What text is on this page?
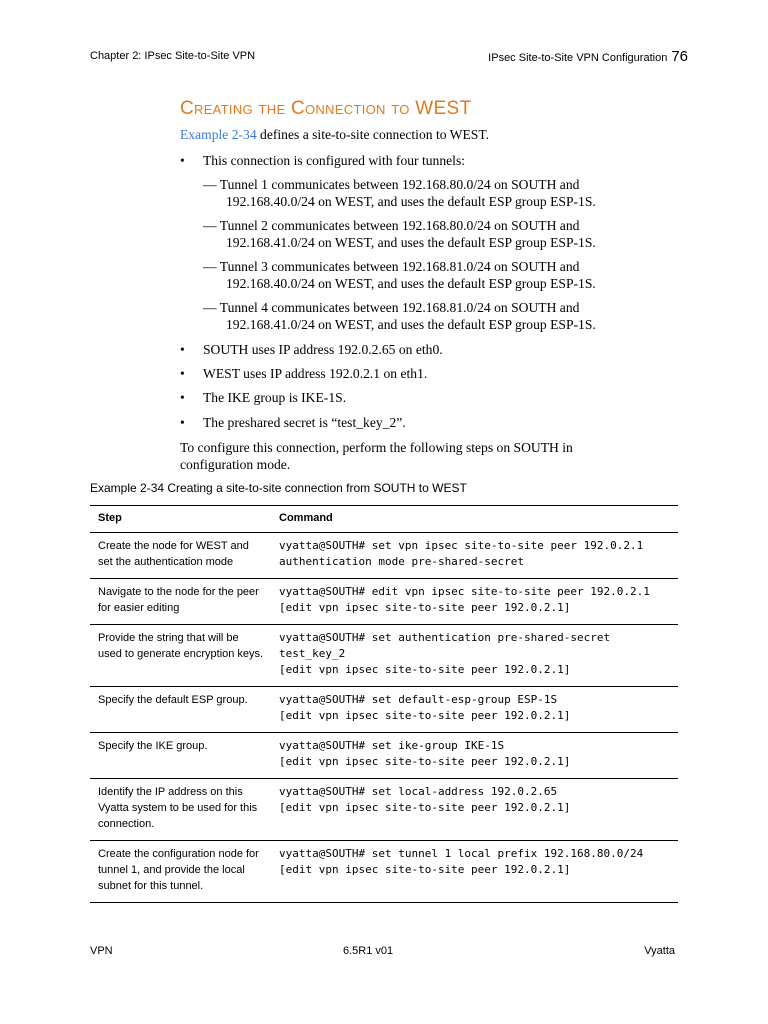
Chapter 2: IPsec Site-to-Site VPN	IPsec Site-to-Site VPN Configuration 76
Creating the Connection to WEST
Example 2-34 defines a site-to-site connection to WEST.
• This connection is configured with four tunnels:
— Tunnel 1 communicates between 192.168.80.0/24 on SOUTH and
192.168.40.0/24 on WEST, and uses the default ESP group ESP-1S.
— Tunnel 2 communicates between 192.168.80.0/24 on SOUTH and
192.168.41.0/24 on WEST, and uses the default ESP group ESP-1S.
— Tunnel 3 communicates between 192.168.81.0/24 on SOUTH and
192.168.40.0/24 on WEST, and uses the default ESP group ESP-1S.
— Tunnel 4 communicates between 192.168.81.0/24 on SOUTH and
192.168.41.0/24 on WEST, and uses the default ESP group ESP-1S.
• SOUTH uses IP address 192.0.2.65 on eth0.
• WEST uses IP address 192.0.2.1 on eth1.
• The IKE group is IKE-1S.
• The preshared secret is “test_key_2”.
To configure this connection, perform the following steps on SOUTH in
configuration mode.
Example 2-34 Creating a site-to-site connection from SOUTH to WEST
Step	Command
Create the node for WEST and set the authentication mode	vyatta@SOUTH# set vpn ipsec site-to-site peer 192.0.2.1
authentication mode pre-shared-secret
Navigate to the node for the peer for easier editing	vyatta@SOUTH# edit vpn ipsec site-to-site peer 192.0.2.1
[edit vpn ipsec site-to-site peer 192.0.2.1]
Provide the string that will be used to generate encryption keys.	vyatta@SOUTH# set authentication pre-shared-secret
test_key_2
[edit vpn ipsec site-to-site peer 192.0.2.1]
Specify the default ESP group.	vyatta@SOUTH# set default-esp-group ESP-1S
[edit vpn ipsec site-to-site peer 192.0.2.1]
Specify the IKE group.	vyatta@SOUTH# set ike-group IKE-1S
[edit vpn ipsec site-to-site peer 192.0.2.1]
Identify the IP address on this Vyatta system to be used for this connection.	vyatta@SOUTH# set local-address 192.0.2.65
[edit vpn ipsec site-to-site peer 192.0.2.1]
Create the configuration node for tunnel 1, and provide the local subnet for this tunnel.	vyatta@SOUTH# set tunnel 1 local prefix 192.168.80.0/24
[edit vpn ipsec site-to-site peer 192.0.2.1]
VPN	6.5R1 v01	Vyatta
